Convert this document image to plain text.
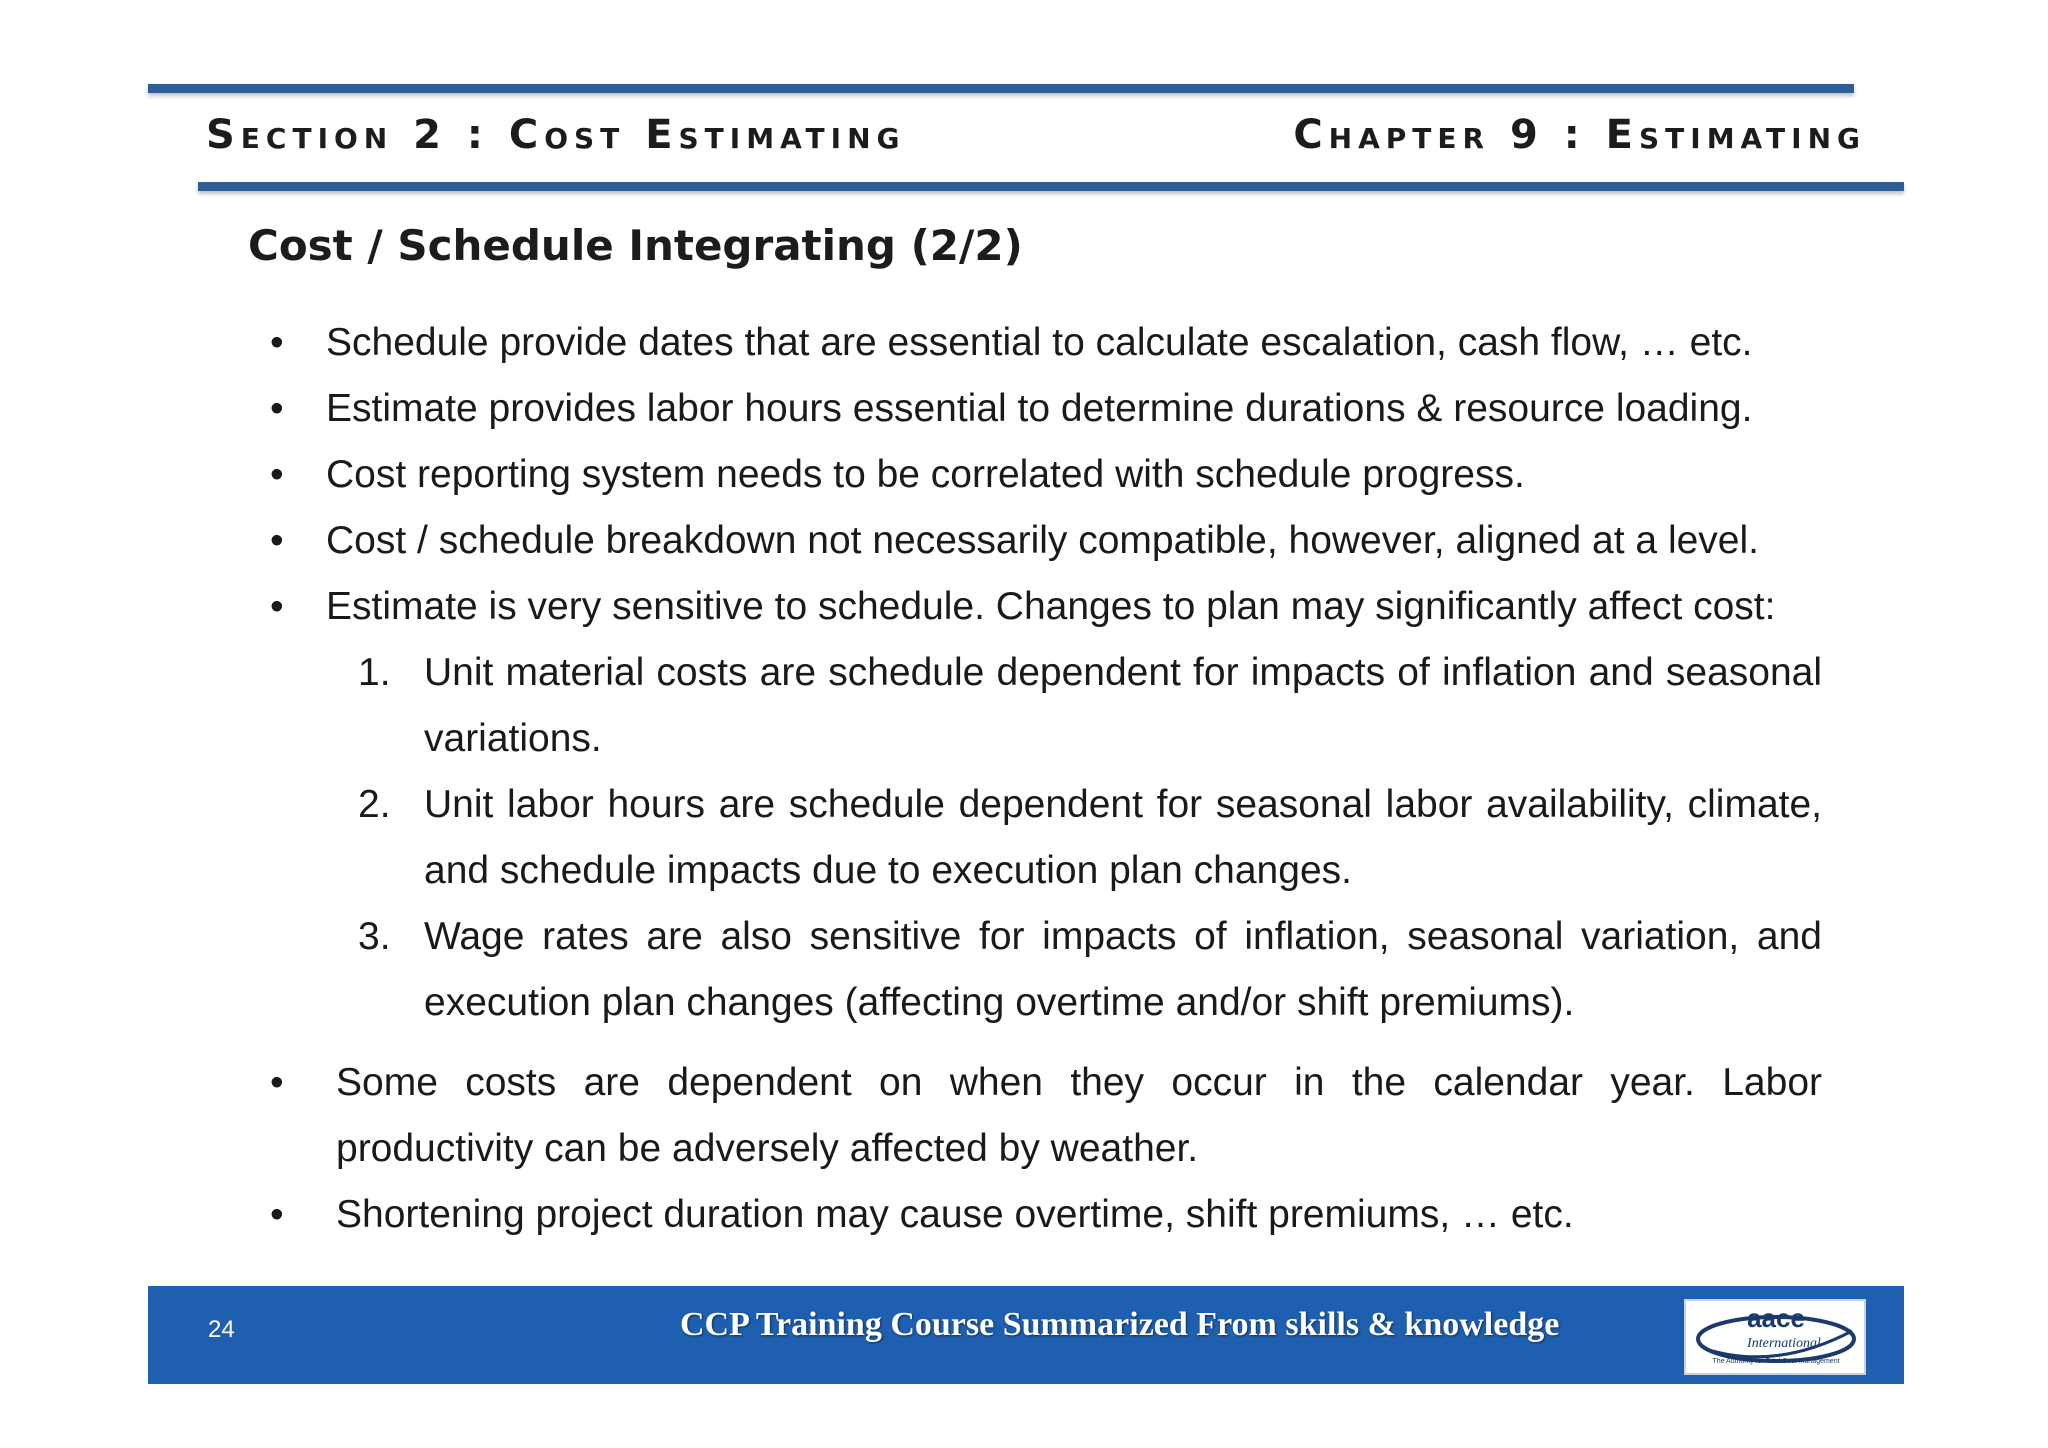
Section 2 : Cost Estimating	Chapter 9 : Estimating
Cost / Schedule Integrating (2/2)
• Schedule provide dates that are essential to calculate escalation, cash flow, … etc.
• Estimate provides labor hours essential to determine durations & resource loading.
• Cost reporting system needs to be correlated with schedule progress.
• Cost / schedule breakdown not necessarily compatible, however, aligned at a level.
• Estimate is very sensitive to schedule. Changes to plan may significantly affect cost:
1. Unit material costs are schedule dependent for impacts of inflation and seasonal variations.
2. Unit labor hours are schedule dependent for seasonal labor availability, climate, and schedule impacts due to execution plan changes.
3. Wage rates are also sensitive for impacts of inflation, seasonal variation, and execution plan changes (affecting overtime and/or shift premiums).
• Some costs are dependent on when they occur in the calendar year. Labor productivity can be adversely affected by weather.
• Shortening project duration may cause overtime, shift premiums, … etc.
24	CCP Training Course Summarized From skills & knowledge	aace
International
The Authority for Total Cost Management
